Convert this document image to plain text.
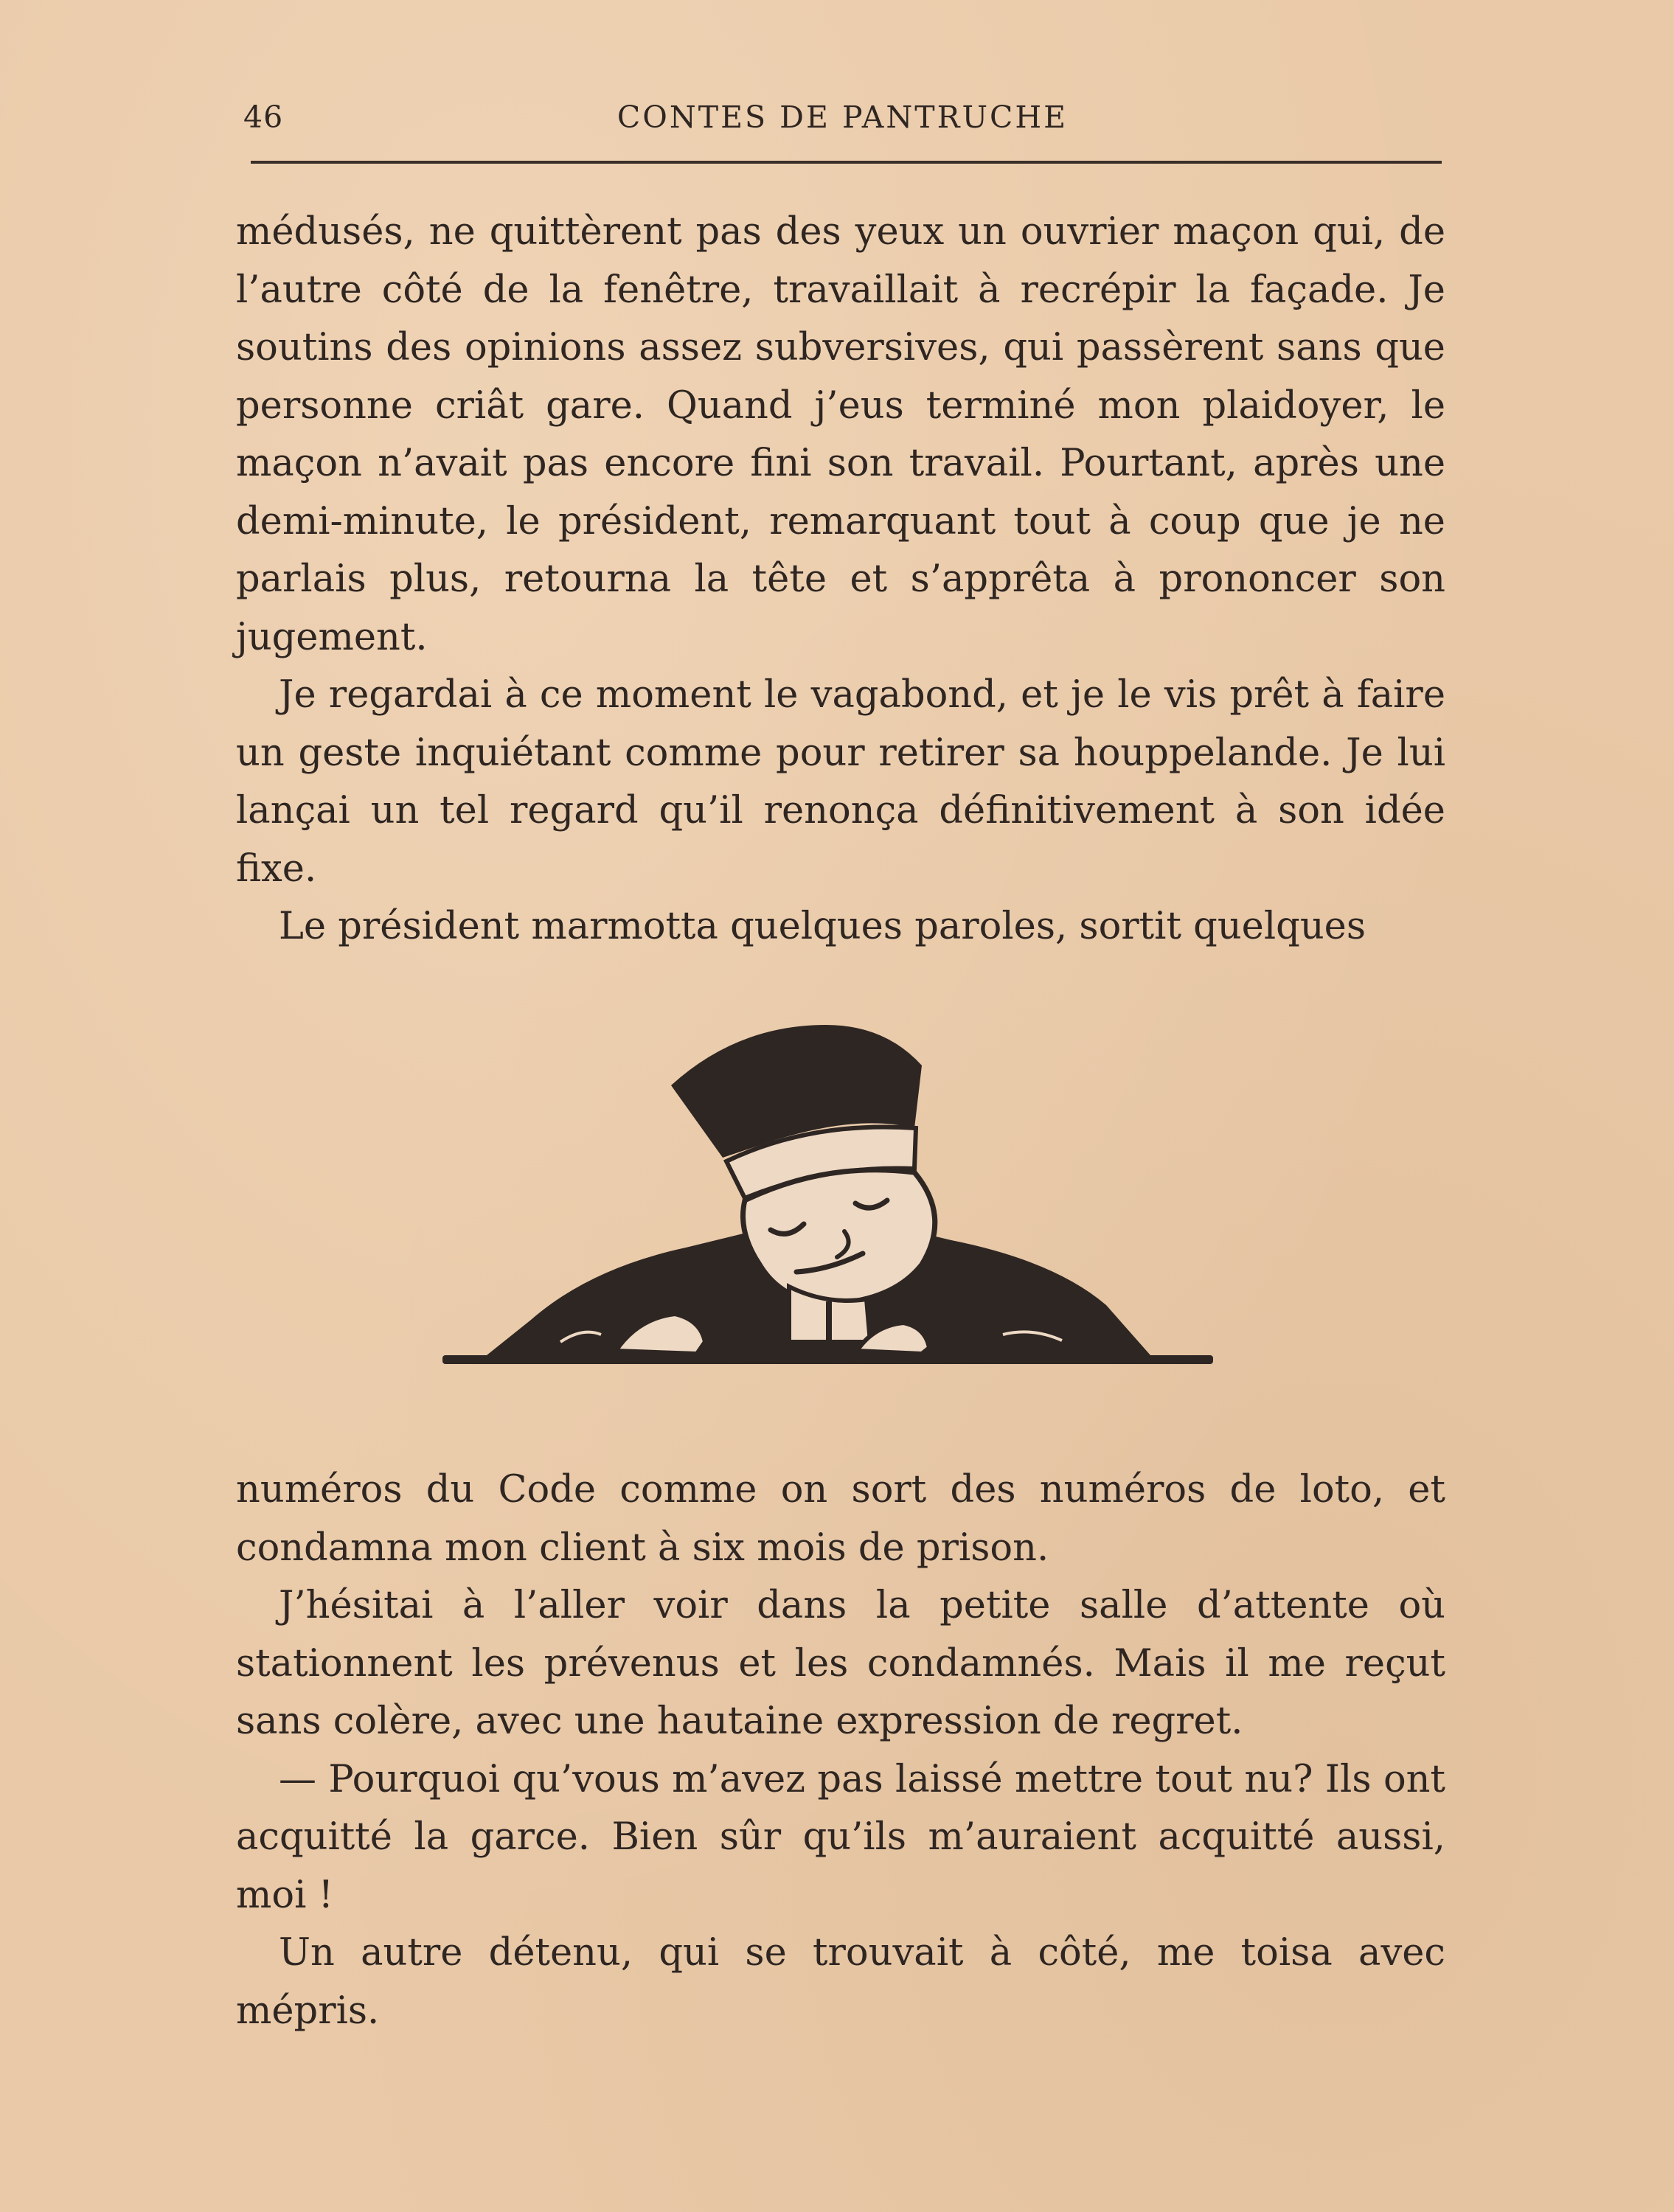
46	CONTES DE PANTRUCHE

médusés, ne quittèrent pas des yeux un ouvrier maçon qui, de l’autre côté de la fenêtre, travaillait à recrépir la façade. Je soutins des opinions assez subversives, qui passèrent sans que personne criât gare. Quand j’eus terminé mon plaidoyer, le maçon n’avait pas encore fini son travail. Pourtant, après une demi-minute, le président, remarquant tout à coup que je ne parlais plus, retourna la tête et s’apprêta à prononcer son jugement.

Je regardai à ce moment le vagabond, et je le vis prêt à faire un geste inquiétant comme pour retirer sa houppelande. Je lui lançai un tel regard qu’il renonça définitivement à son idée fixe.

Le président marmotta quelques paroles, sortit quelques

numéros du Code comme on sort des numéros de loto, et condamna mon client à six mois de prison.

J’hésitai à l’aller voir dans la petite salle d’attente où stationnent les prévenus et les condamnés. Mais il me reçut sans colère, avec une hautaine expression de regret.

— Pourquoi qu’vous m’avez pas laissé mettre tout nu? Ils ont acquitté la garce. Bien sûr qu’ils m’auraient acquitté aussi, moi !

Un autre détenu, qui se trouvait à côté, me toisa avec mépris.
